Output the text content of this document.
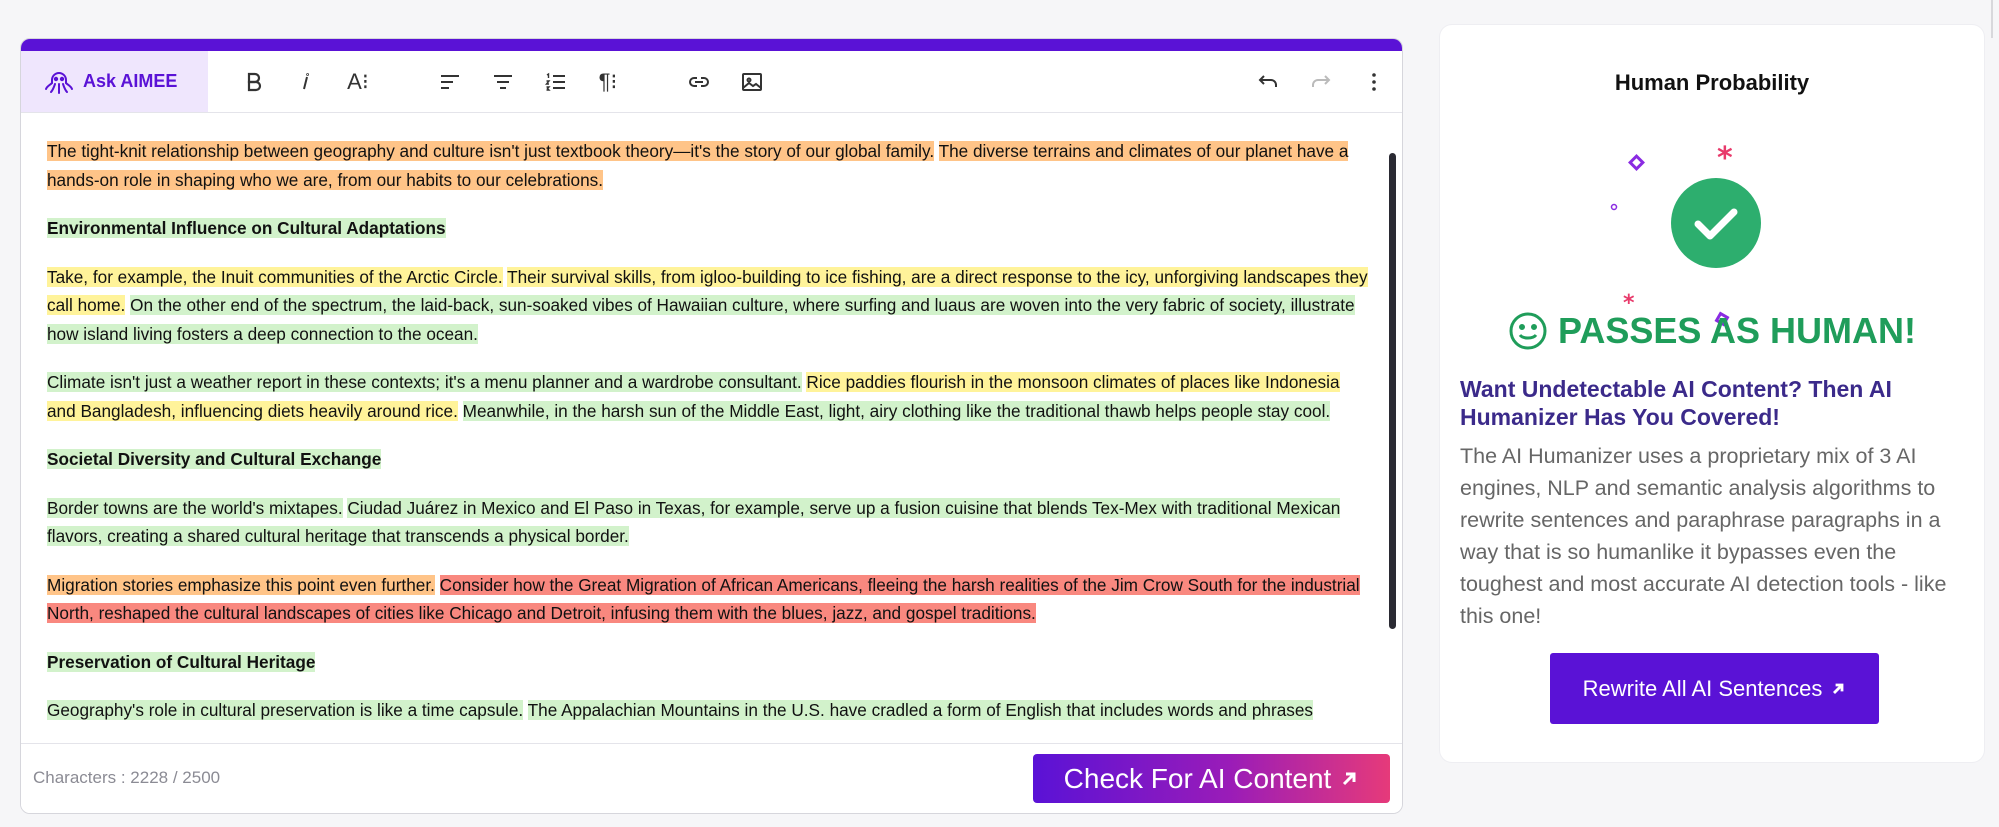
Ask AIMEE	A⁝	¶⁝

The tight-knit relationship between geography and culture isn't just textbook theory—it's the story of our global family. The diverse terrains and climates of our planet have a hands-on role in shaping who we are, from our habits to our celebrations.

Environmental Influence on Cultural Adaptations

Take, for example, the Inuit communities of the Arctic Circle. Their survival skills, from igloo-building to ice fishing, are a direct response to the icy, unforgiving landscapes they call home. On the other end of the spectrum, the laid-back, sun-soaked vibes of Hawaiian culture, where surfing and luaus are woven into the very fabric of society, illustrate how island living fosters a deep connection to the ocean.

Climate isn't just a weather report in these contexts; it's a menu planner and a wardrobe consultant. Rice paddies flourish in the monsoon climates of places like Indonesia and Bangladesh, influencing diets heavily around rice. Meanwhile, in the harsh sun of the Middle East, light, airy clothing like the traditional thawb helps people stay cool.

Societal Diversity and Cultural Exchange

Border towns are the world's mixtapes. Ciudad Juárez in Mexico and El Paso in Texas, for example, serve up a fusion cuisine that blends Tex-Mex with traditional Mexican flavors, creating a shared cultural heritage that transcends a physical border.

Migration stories emphasize this point even further. Consider how the Great Migration of African Americans, fleeing the harsh realities of the Jim Crow South for the industrial North, reshaped the cultural landscapes of cities like Chicago and Detroit, infusing them with the blues, jazz, and gospel traditions.

Preservation of Cultural Heritage

Geography's role in cultural preservation is like a time capsule. The Appalachian Mountains in the U.S. have cradled a form of English that includes words and phrases

Characters : 2228 / 2500	Check For AI Content
Human Probability
*
*
PASSES AS HUMAN!
Want Undetectable AI Content? Then AI Humanizer Has You Covered!
The AI Humanizer uses a proprietary mix of 3 AI engines, NLP and semantic analysis algorithms to rewrite sentences and paraphrase paragraphs in a way that is so humanlike it bypasses even the toughest and most accurate AI detection tools - like this one!
Rewrite All AI Sentences
